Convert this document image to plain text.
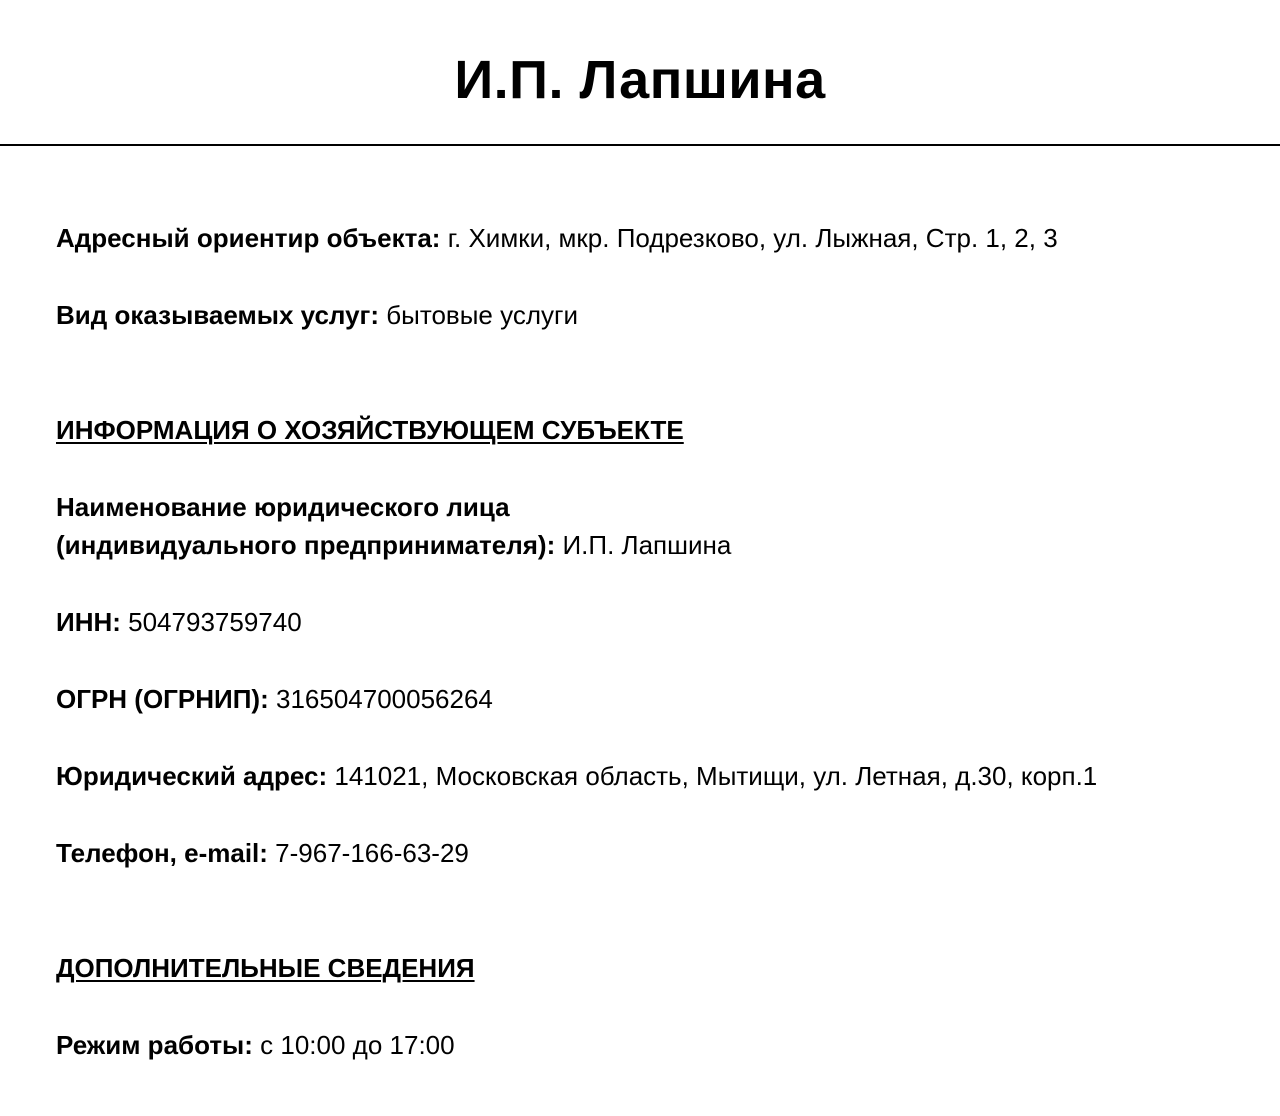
И.П. Лапшина

Адресный ориентир объекта: г. Химки, мкр. Подрезково, ул. Лыжная, Стр. 1, 2, 3

Вид оказываемых услуг: бытовые услуги

ИНФОРМАЦИЯ О ХОЗЯЙСТВУЮЩЕМ СУБЪЕКТЕ

Наименование юридического лица

(индивидуального предпринимателя): И.П. Лапшина

ИНН: 504793759740

ОГРН (ОГРНИП): 316504700056264

Юридический адрес: 141021, Московская область, Мытищи, ул. Летная, д.30, корп.1

Телефон, e-mail: 7-967-166-63-29

ДОПОЛНИТЕЛЬНЫЕ СВЕДЕНИЯ

Режим работы: с 10:00 до 17:00
